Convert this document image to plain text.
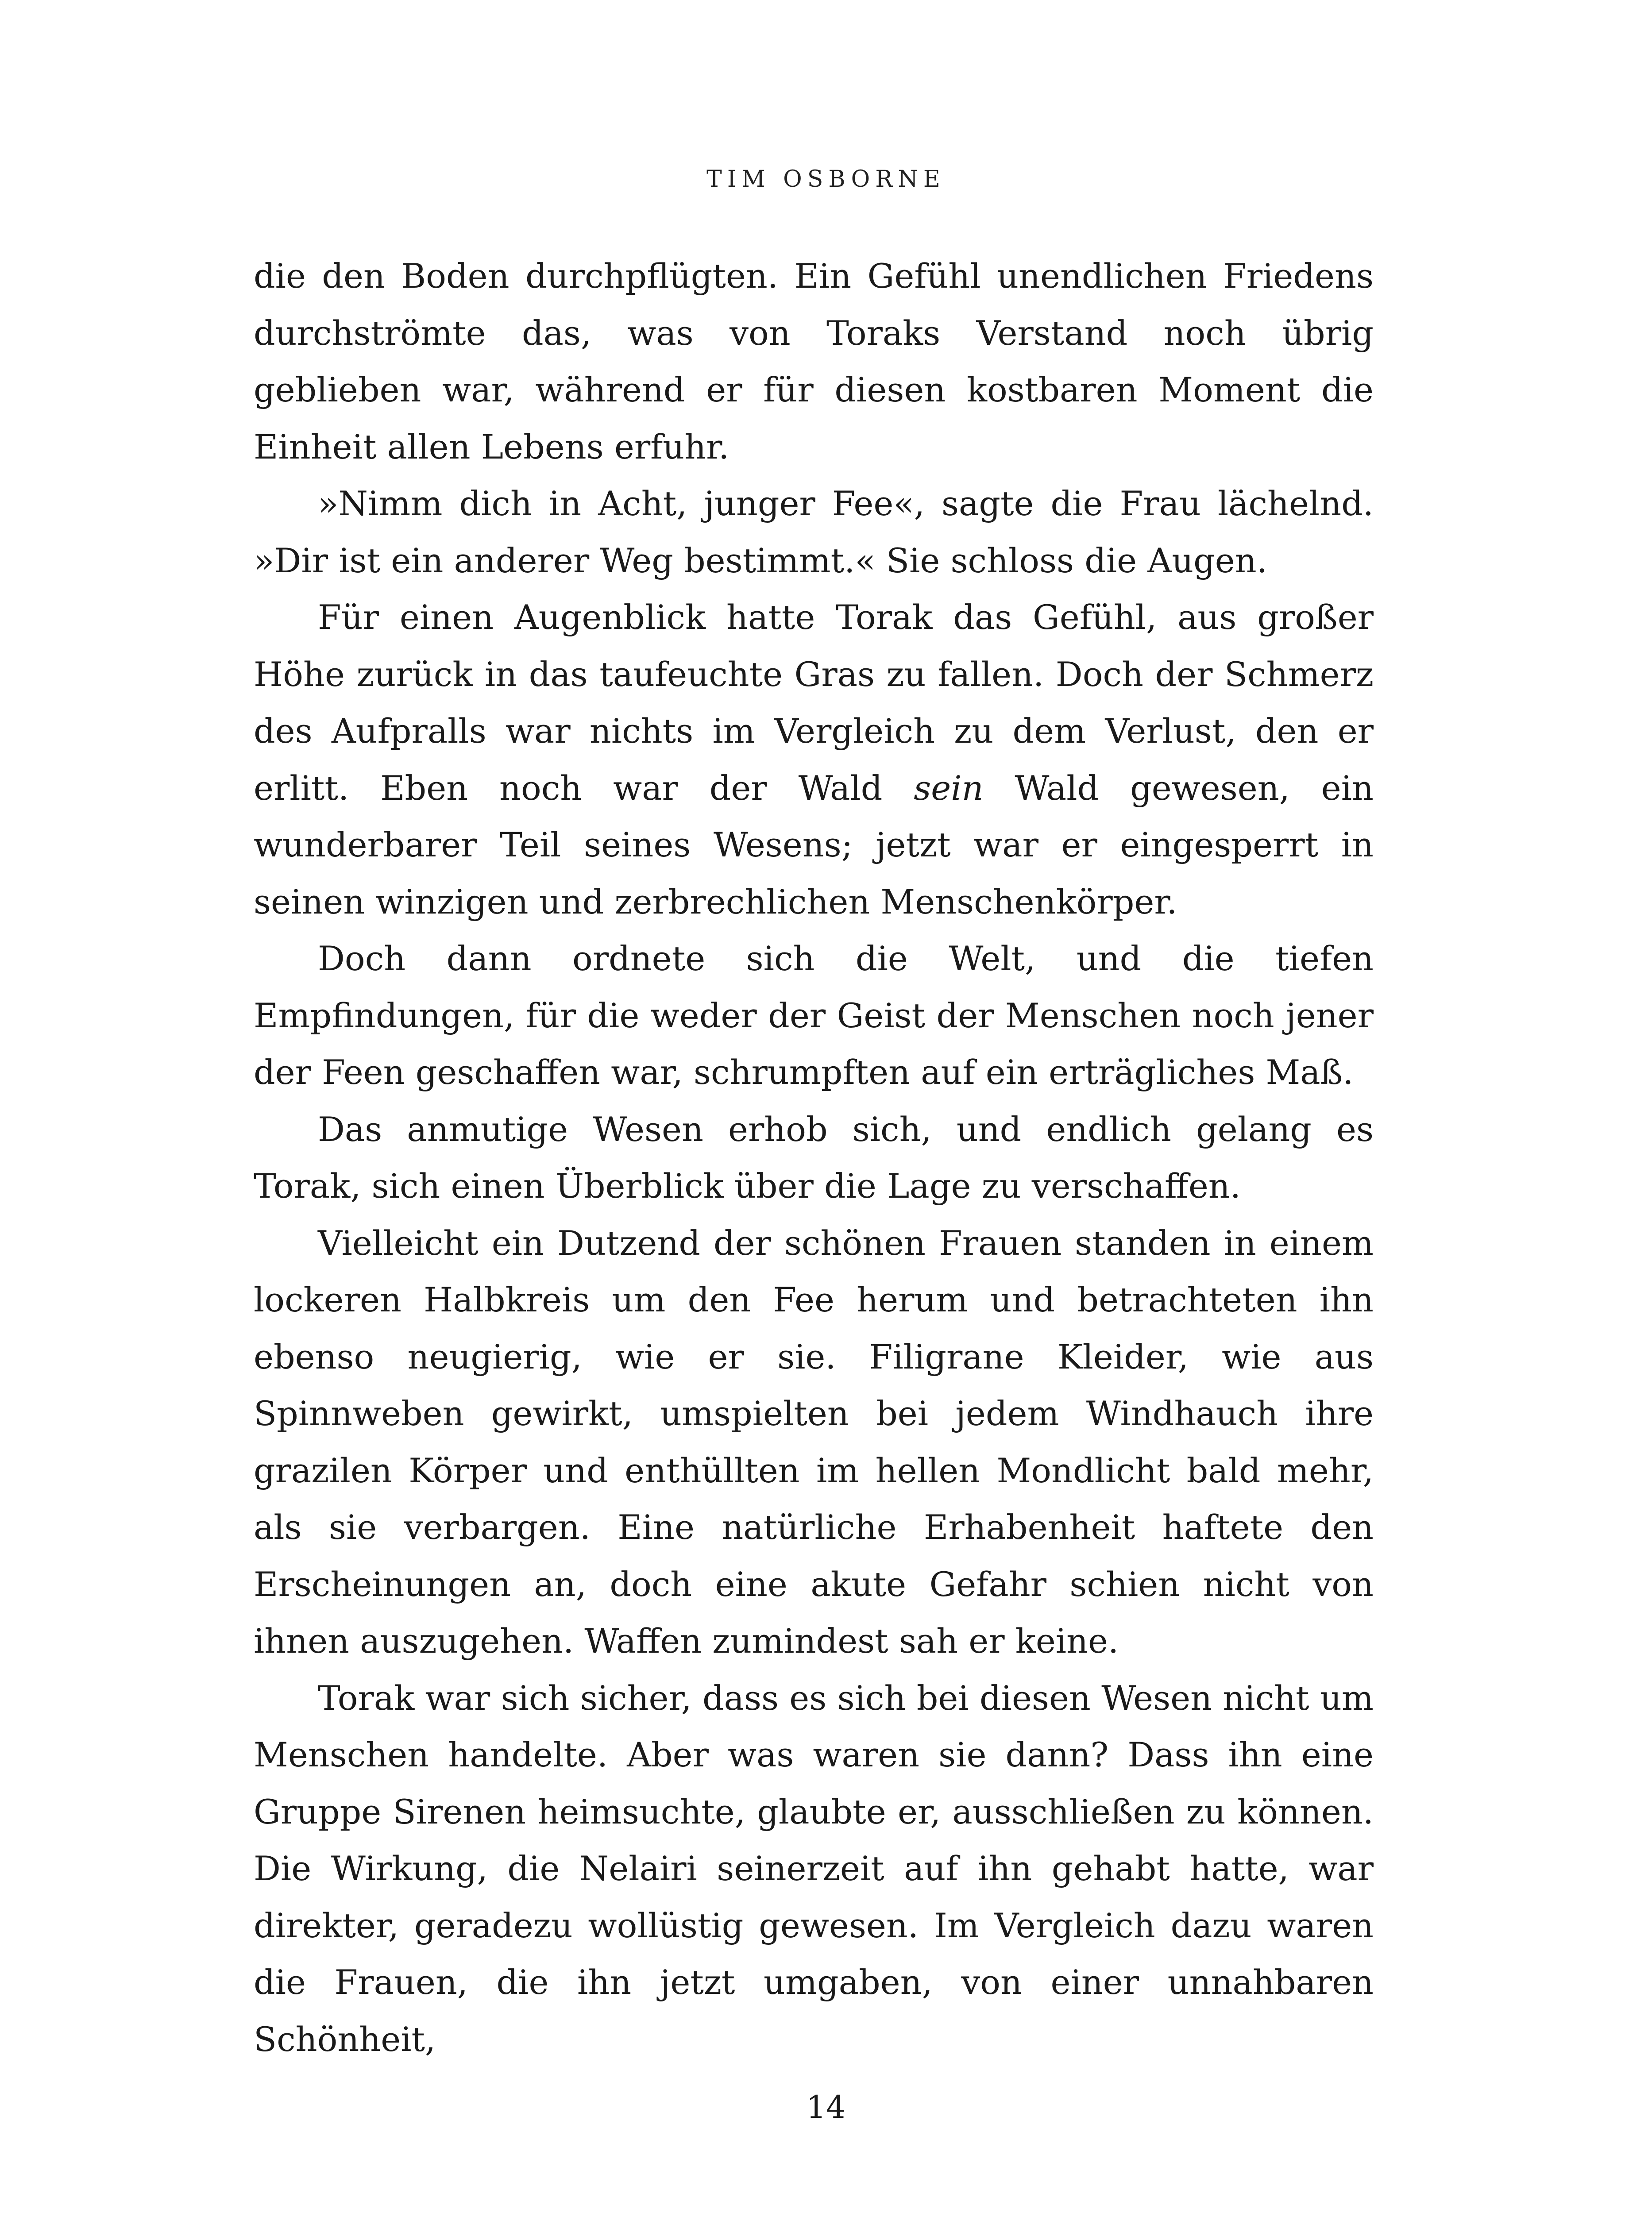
TIM OSBORNE

die den Boden durchpflügten. Ein Gefühl unendlichen Friedens durchströmte das, was von Toraks Verstand noch übrig geblieben war, während er für diesen kostbaren Moment die Einheit allen Lebens erfuhr.

»Nimm dich in Acht, junger Fee«, sagte die Frau lächelnd. »Dir ist ein anderer Weg bestimmt.« Sie schloss die Augen.

Für einen Augenblick hatte Torak das Gefühl, aus großer Höhe zurück in das taufeuchte Gras zu fallen. Doch der Schmerz des Aufpralls war nichts im Vergleich zu dem Verlust, den er erlitt. Eben noch war der Wald sein Wald gewesen, ein wunderbarer Teil seines Wesens; jetzt war er eingesperrt in seinen winzigen und zerbrechlichen Menschenkörper.

Doch dann ordnete sich die Welt, und die tiefen Empfindungen, für die weder der Geist der Menschen noch jener der Feen geschaffen war, schrumpften auf ein erträgliches Maß.

Das anmutige Wesen erhob sich, und endlich gelang es Torak, sich einen Überblick über die Lage zu verschaffen.

Vielleicht ein Dutzend der schönen Frauen standen in einem lockeren Halbkreis um den Fee herum und betrachteten ihn ebenso neugierig, wie er sie. Filigrane Kleider, wie aus Spinnweben gewirkt, umspielten bei jedem Windhauch ihre grazilen Körper und enthüllten im hellen Mondlicht bald mehr, als sie verbargen. Eine natürliche Erhabenheit haftete den Erscheinungen an, doch eine akute Gefahr schien nicht von ihnen auszugehen. Waffen zumindest sah er keine.

Torak war sich sicher, dass es sich bei diesen Wesen nicht um Menschen handelte. Aber was waren sie dann? Dass ihn eine Gruppe Sirenen heimsuchte, glaubte er, ausschließen zu können. Die Wirkung, die Nelairi seinerzeit auf ihn gehabt hatte, war direkter, geradezu wollüstig gewesen. Im Vergleich dazu waren die Frauen, die ihn jetzt umgaben, von einer unnahbaren Schönheit,

14
